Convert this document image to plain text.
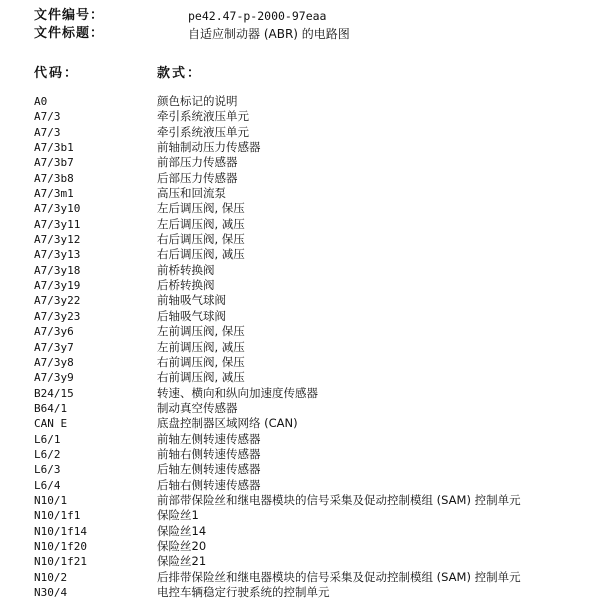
文件编号：	pe42.47-p-2000-97eaa
文件标题：	自适应制动器 (ABR) 的电路图
代码：	款式：
A0	颜色标记的说明
A7/3	牵引系统液压单元
A7/3	牵引系统液压单元
A7/3b1	前轴制动压力传感器
A7/3b7	前部压力传感器
A7/3b8	后部压力传感器
A7/3m1	高压和回流泵
A7/3y10	左后调压阀, 保压
A7/3y11	左后调压阀, 减压
A7/3y12	右后调压阀, 保压
A7/3y13	右后调压阀, 减压
A7/3y18	前桥转换阀
A7/3y19	后桥转换阀
A7/3y22	前轴吸气球阀
A7/3y23	后轴吸气球阀
A7/3y6	左前调压阀, 保压
A7/3y7	左前调压阀, 减压
A7/3y8	右前调压阀, 保压
A7/3y9	右前调压阀, 减压
B24/15	转速、横向和纵向加速度传感器
B64/1	制动真空传感器
CAN E	底盘控制器区域网络 (CAN)
L6/1	前轴左侧转速传感器
L6/2	前轴右侧转速传感器
L6/3	后轴左侧转速传感器
L6/4	后轴右侧转速传感器
N10/1	前部带保险丝和继电器模块的信号采集及促动控制模组 (SAM) 控制单元
N10/1f1	保险丝1
N10/1f14	保险丝14
N10/1f20	保险丝20
N10/1f21	保险丝21
N10/2	后排带保险丝和继电器模块的信号采集及促动控制模组 (SAM) 控制单元
N30/4	电控车辆稳定行驶系统的控制单元
